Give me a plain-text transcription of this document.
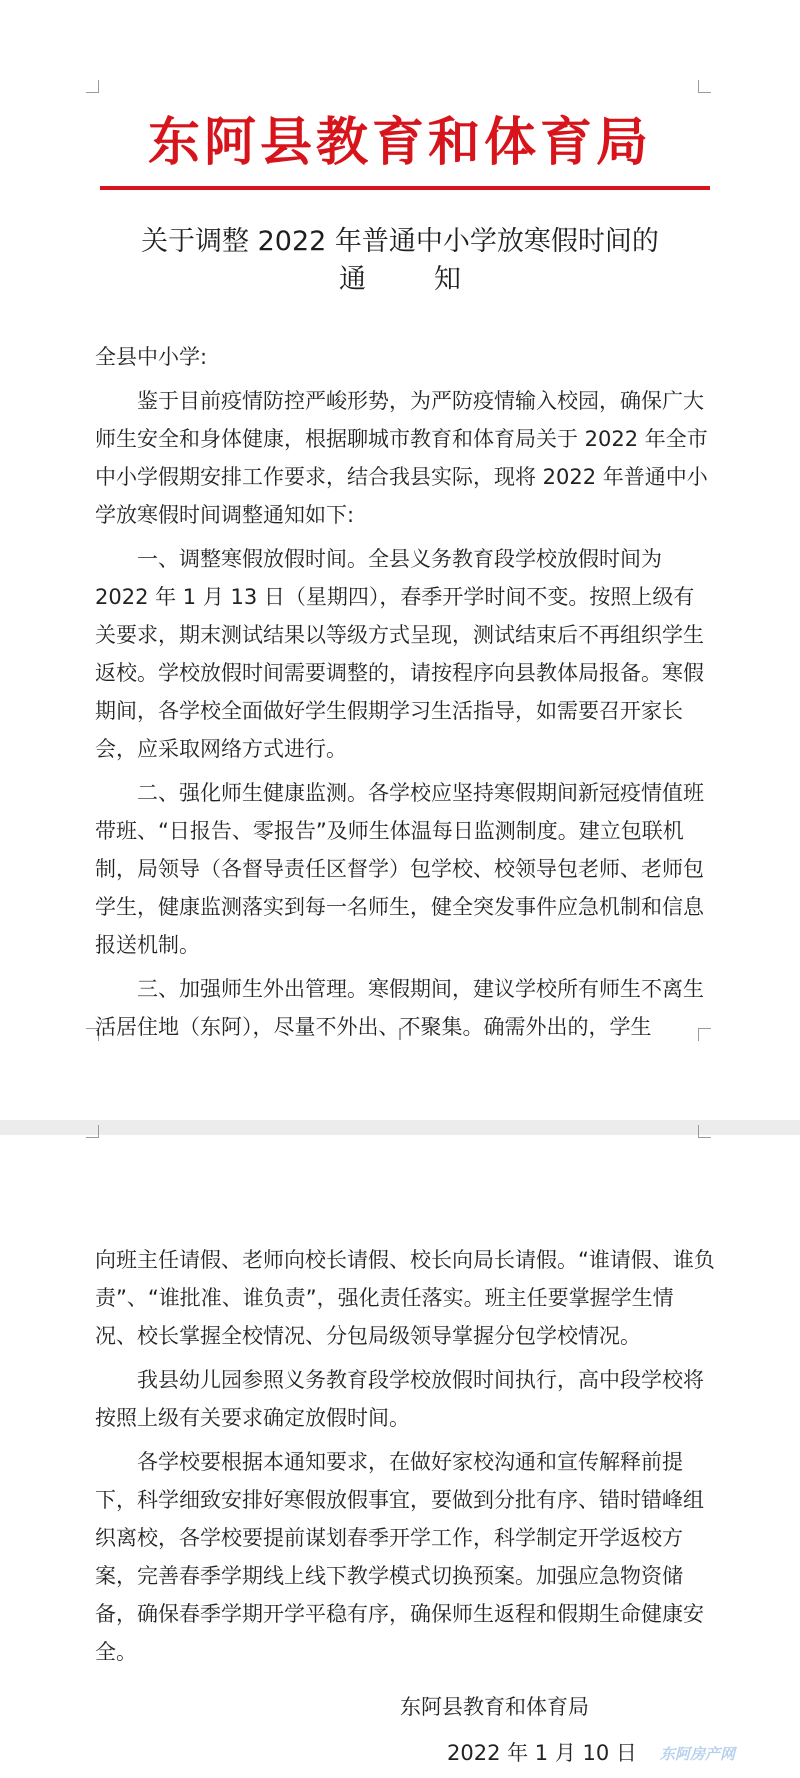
东阿县教育和体育局
关于调整 2022 年普通中小学放寒假时间的
通	知

全县中小学:

鉴于目前疫情防控严峻形势，为严防疫情输入校园，确保广大师生安全和身体健康，根据聊城市教育和体育局关于 2022 年全市中小学假期安排工作要求，结合我县实际，现将 2022 年普通中小学放寒假时间调整通知如下:

一、调整寒假放假时间。全县义务教育段学校放假时间为 2022 年 1 月 13 日（星期四），春季开学时间不变。按照上级有关要求，期末测试结果以等级方式呈现，测试结束后不再组织学生返校。学校放假时间需要调整的，请按程序向县教体局报备。寒假期间，各学校全面做好学生假期学习生活指导，如需要召开家长会，应采取网络方式进行。

二、强化师生健康监测。各学校应坚持寒假期间新冠疫情值班带班、“日报告、零报告”及师生体温每日监测制度。建立包联机制，局领导（各督导责任区督学）包学校、校领导包老师、老师包学生，健康监测落实到每一名师生，健全突发事件应急机制和信息报送机制。

三、加强师生外出管理。寒假期间，建议学校所有师生不离生活居住地（东阿），尽量不外出、不聚集。确需外出的，学生

向班主任请假、老师向校长请假、校长向局长请假。“谁请假、谁负责”、“谁批准、谁负责”，强化责任落实。班主任要掌握学生情况、校长掌握全校情况、分包局级领导掌握分包学校情况。

我县幼儿园参照义务教育段学校放假时间执行，高中段学校将按照上级有关要求确定放假时间。

各学校要根据本通知要求，在做好家校沟通和宣传解释前提下，科学细致安排好寒假放假事宜，要做到分批有序、错时错峰组织离校，各学校要提前谋划春季开学工作，科学制定开学返校方案，完善春季学期线上线下教学模式切换预案。加强应急物资储备，确保春季学期开学平稳有序，确保师生返程和假期生命健康安全。

东阿县教育和体育局
2022 年 1 月 10 日	东阿房产网
